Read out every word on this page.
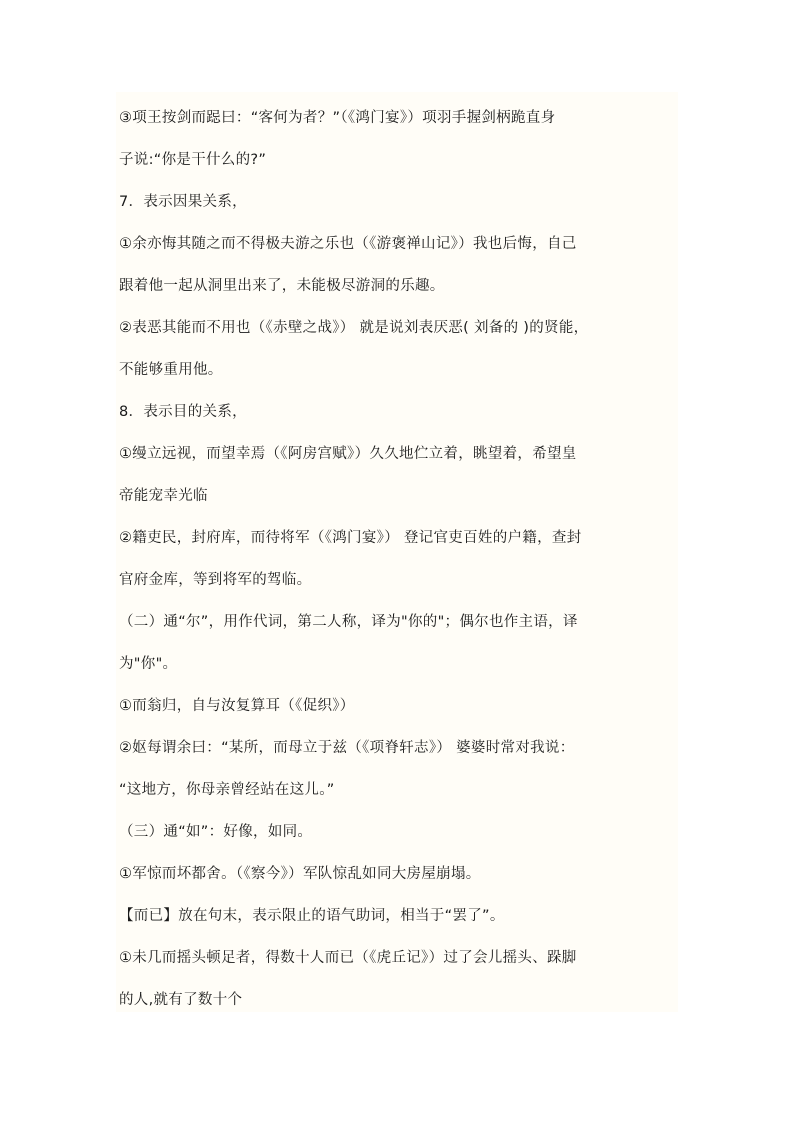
③项王按剑而跽曰：“客何为者？”（《鸿门宴》）项羽手握剑柄跪直身
子说:“你是干什么的?”
7．表示因果关系，
①余亦悔其随之而不得极夫游之乐也（《游褒禅山记》）我也后悔，自己
跟着他一起从洞里出来了，未能极尽游洞的乐趣。
②表恶其能而不用也（《赤壁之战》） 就是说刘表厌恶( 刘备的 )的贤能，
不能够重用他。
8．表示目的关系，
①缦立远视，而望幸焉（《阿房宫赋》）久久地伫立着，眺望着，希望皇
帝能宠幸光临
②籍吏民，封府库，而待将军（《鸿门宴》） 登记官吏百姓的户籍，查封
官府金库，等到将军的驾临。
（二）通“尔”，用作代词，第二人称，译为"你的"；偶尔也作主语，译
为"你"。
①而翁归，自与汝复算耳（《促织》）
②妪每谓余曰：“某所，而母立于兹（《项脊轩志》） 婆婆时常对我说：
“这地方，你母亲曾经站在这儿。”
（三）通“如”：好像，如同。
①军惊而坏都舍。（《察今》）军队惊乱如同大房屋崩塌。
【而已】放在句末，表示限止的语气助词，相当于“罢了”。
①未几而摇头顿足者，得数十人而已（《虎丘记》）过了会儿摇头、跺脚
的人,就有了数十个
